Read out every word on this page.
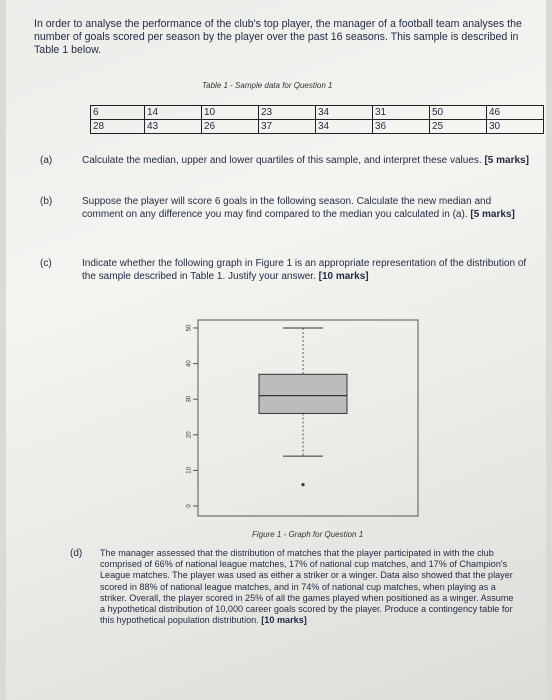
In order to analyse the performance of the club's top player, the manager of a football team analyses the number of goals scored per season by the player over the past 16 seasons. This sample is described in Table 1 below.
Table 1 - Sample data for Question 1
6	14	10	23	34	31	50	46
28	43	26	37	34	36	25	30
(a)	Calculate the median, upper and lower quartiles of this sample, and interpret these values. [5 marks]
(b)	Suppose the player will score 6 goals in the following season. Calculate the new median and comment on any difference you may find compared to the median you calculated in (a). [5 marks]
(c)	Indicate whether the following graph in Figure 1 is an appropriate representation of the distribution of the sample described in Table 1. Justify your answer. [10 marks]
0
10
20
30
40
50
Figure 1 - Graph for Question 1
(d) The manager assessed that the distribution of matches that the player participated in with the club comprised of 66% of national league matches, 17% of national cup matches, and 17% of Champion's League matches. The player was used as either a striker or a winger. Data also showed that the player scored in 88% of national league matches, and in 74% of national cup matches, when playing as a striker. Overall, the player scored in 25% of all the games played when positioned as a winger. Assume a hypothetical distribution of 10,000 career goals scored by the player. Produce a contingency table for this hypothetical population distribution. [10 marks]
